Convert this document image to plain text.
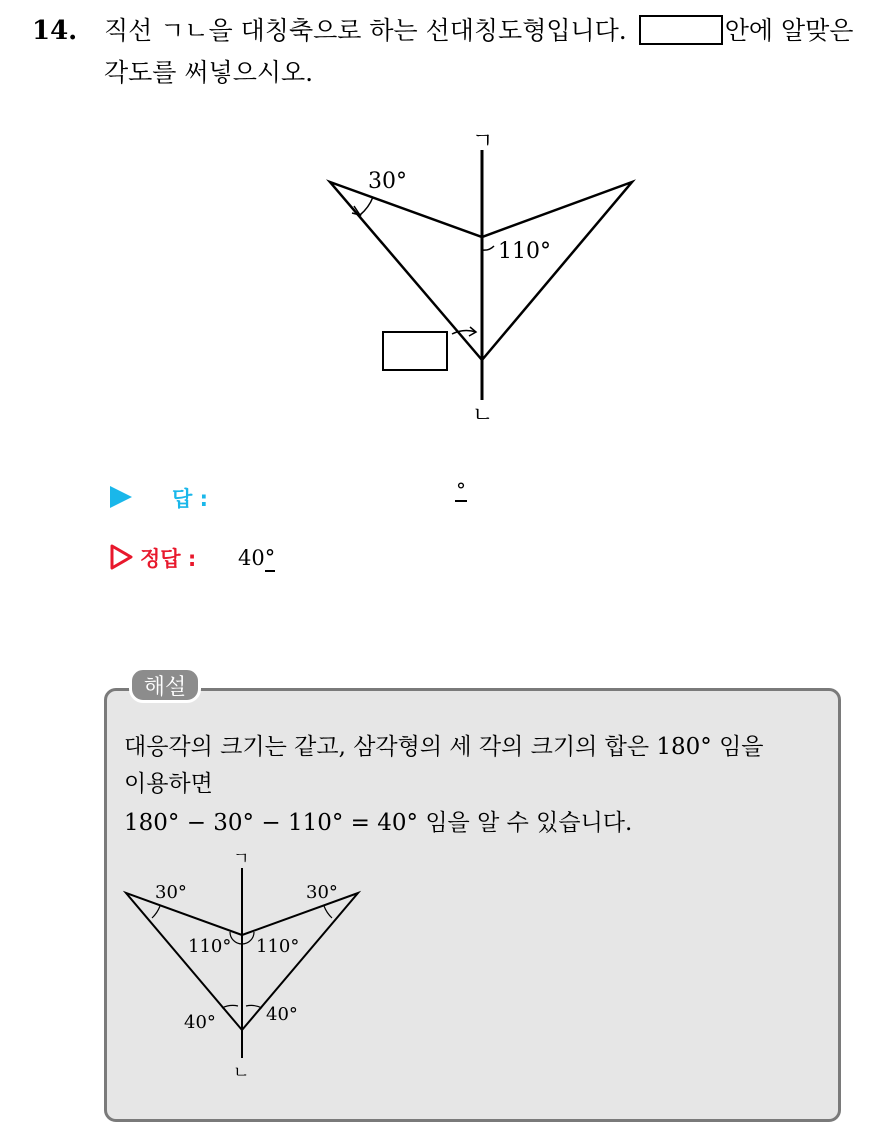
14. 직선 ㄱㄴ을 대칭축으로 하는 선대칭도형입니다.	안에 알맞은
각도를 써넣으시오.
ㄱ
ㄴ
30°
110°
답 :	°
정답 : 40°
해설
대응각의 크기는 같고, 삼각형의 세 각의 크기의 합은 180° 임을
이용하면
180° − 30° − 110° = 40° 임을 알 수 있습니다.
ㄱ
ㄴ
30°	30°
110° 110°
40°	40°
